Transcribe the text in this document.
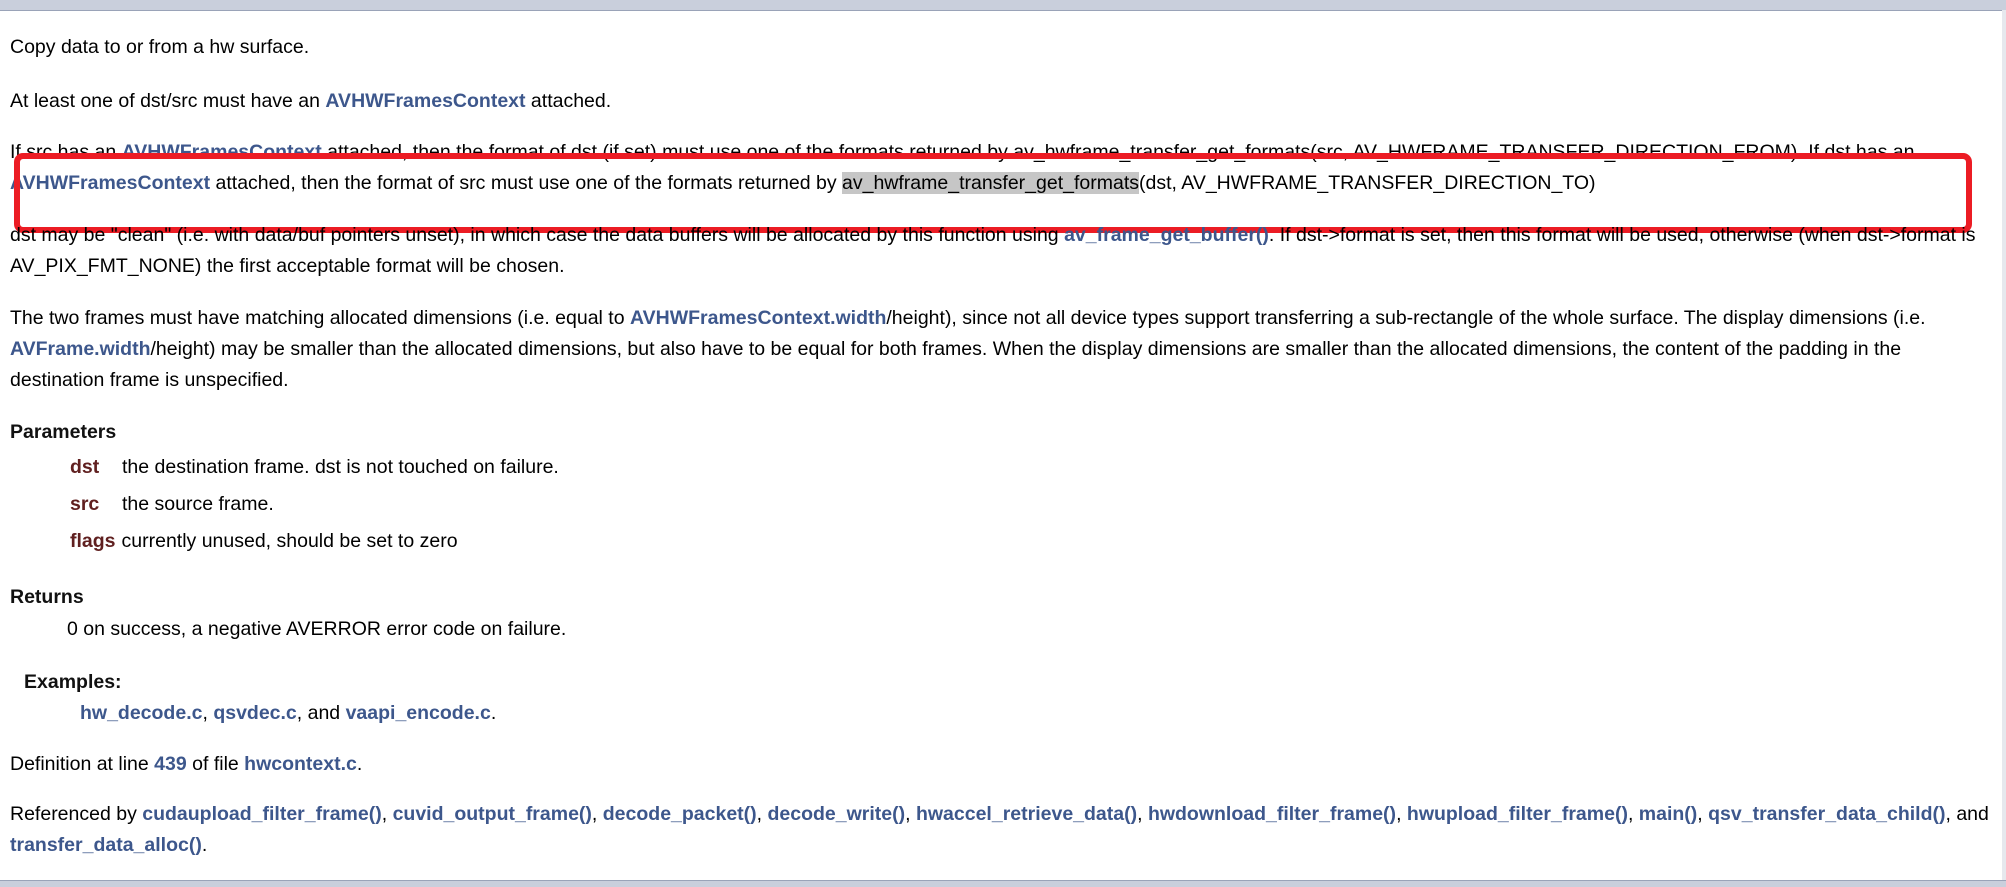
Copy data to or from a hw surface.

At least one of dst/src must have an AVHWFramesContext attached.

If src has an AVHWFramesContext attached, then the format of dst (if set) must use one of the formats returned by av_hwframe_transfer_get_formats(src, AV_HWFRAME_TRANSFER_DIRECTION_FROM). If dst has an AVHWFramesContext attached, then the format of src must use one of the formats returned by av_hwframe_transfer_get_formats(dst, AV_HWFRAME_TRANSFER_DIRECTION_TO)

dst may be "clean" (i.e. with data/buf pointers unset), in which case the data buffers will be allocated by this function using av_frame_get_buffer(). If dst->format is set, then this format will be used, otherwise (when dst->format is AV_PIX_FMT_NONE) the first acceptable format will be chosen.

The two frames must have matching allocated dimensions (i.e. equal to AVHWFramesContext.width/height), since not all device types support transferring a sub-rectangle of the whole surface. The display dimensions (i.e. AVFrame.width/height) may be smaller than the allocated dimensions, but also have to be equal for both frames. When the display dimensions are smaller than the allocated dimensions, the content of the padding in the destination frame is unspecified.

Parameters
dst the destination frame. dst is not touched on failure.
src the source frame.
flags currently unused, should be set to zero
Returns
0 on success, a negative AVERROR error code on failure.
Examples:
hw_decode.c, qsvdec.c, and vaapi_encode.c.
Definition at line 439 of file hwcontext.c.
Referenced by cudaupload_filter_frame(), cuvid_output_frame(), decode_packet(), decode_write(), hwaccel_retrieve_data(), hwdownload_filter_frame(), hwupload_filter_frame(), main(), qsv_transfer_data_child(), and transfer_data_alloc().
